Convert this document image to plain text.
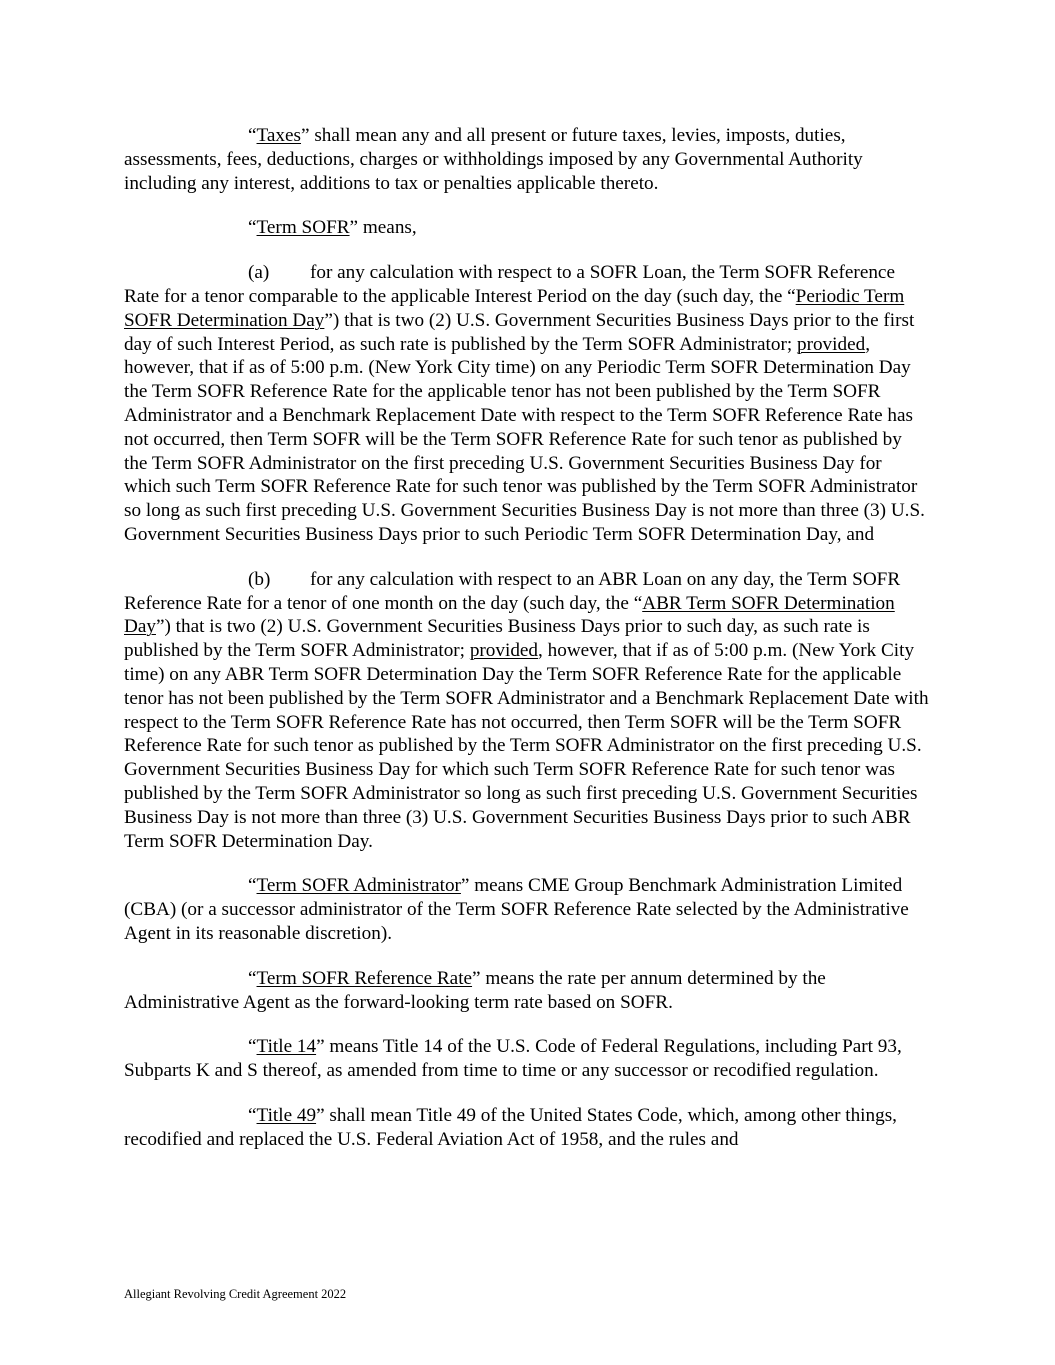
“Taxes” shall mean any and all present or future taxes, levies, imposts, duties, assessments, fees, deductions, charges or withholdings imposed by any Governmental Authority including any interest, additions to tax or penalties applicable thereto.

“Term SOFR” means,

(a) for any calculation with respect to a SOFR Loan, the Term SOFR Reference Rate for a tenor comparable to the applicable Interest Period on the day (such day, the “Periodic Term SOFR Determination Day”) that is two (2) U.S. Government Securities Business Days prior to the first day of such Interest Period, as such rate is published by the Term SOFR Administrator; provided, however, that if as of 5:00 p.m. (New York City time) on any Periodic Term SOFR Determination Day the Term SOFR Reference Rate for the applicable tenor has not been published by the Term SOFR Administrator and a Benchmark Replacement Date with respect to the Term SOFR Reference Rate has not occurred, then Term SOFR will be the Term SOFR Reference Rate for such tenor as published by the Term SOFR Administrator on the first preceding U.S. Government Securities Business Day for which such Term SOFR Reference Rate for such tenor was published by the Term SOFR Administrator so long as such first preceding U.S. Government Securities Business Day is not more than three (3) U.S. Government Securities Business Days prior to such Periodic Term SOFR Determination Day, and

(b) for any calculation with respect to an ABR Loan on any day, the Term SOFR Reference Rate for a tenor of one month on the day (such day, the “ABR Term SOFR Determination Day”) that is two (2) U.S. Government Securities Business Days prior to such day, as such rate is published by the Term SOFR Administrator; provided, however, that if as of 5:00 p.m. (New York City time) on any ABR Term SOFR Determination Day the Term SOFR Reference Rate for the applicable tenor has not been published by the Term SOFR Administrator and a Benchmark Replacement Date with respect to the Term SOFR Reference Rate has not occurred, then Term SOFR will be the Term SOFR Reference Rate for such tenor as published by the Term SOFR Administrator on the first preceding U.S. Government Securities Business Day for which such Term SOFR Reference Rate for such tenor was published by the Term SOFR Administrator so long as such first preceding U.S. Government Securities Business Day is not more than three (3) U.S. Government Securities Business Days prior to such ABR Term SOFR Determination Day.

“Term SOFR Administrator” means CME Group Benchmark Administration Limited (CBA) (or a successor administrator of the Term SOFR Reference Rate selected by the Administrative Agent in its reasonable discretion).

“Term SOFR Reference Rate” means the rate per annum determined by the Administrative Agent as the forward-looking term rate based on SOFR.

“Title 14” means Title 14 of the U.S. Code of Federal Regulations, including Part 93, Subparts K and S thereof, as amended from time to time or any successor or recodified regulation.

“Title 49” shall mean Title 49 of the United States Code, which, among other things, recodified and replaced the U.S. Federal Aviation Act of 1958, and the rules and

Allegiant Revolving Credit Agreement 2022
